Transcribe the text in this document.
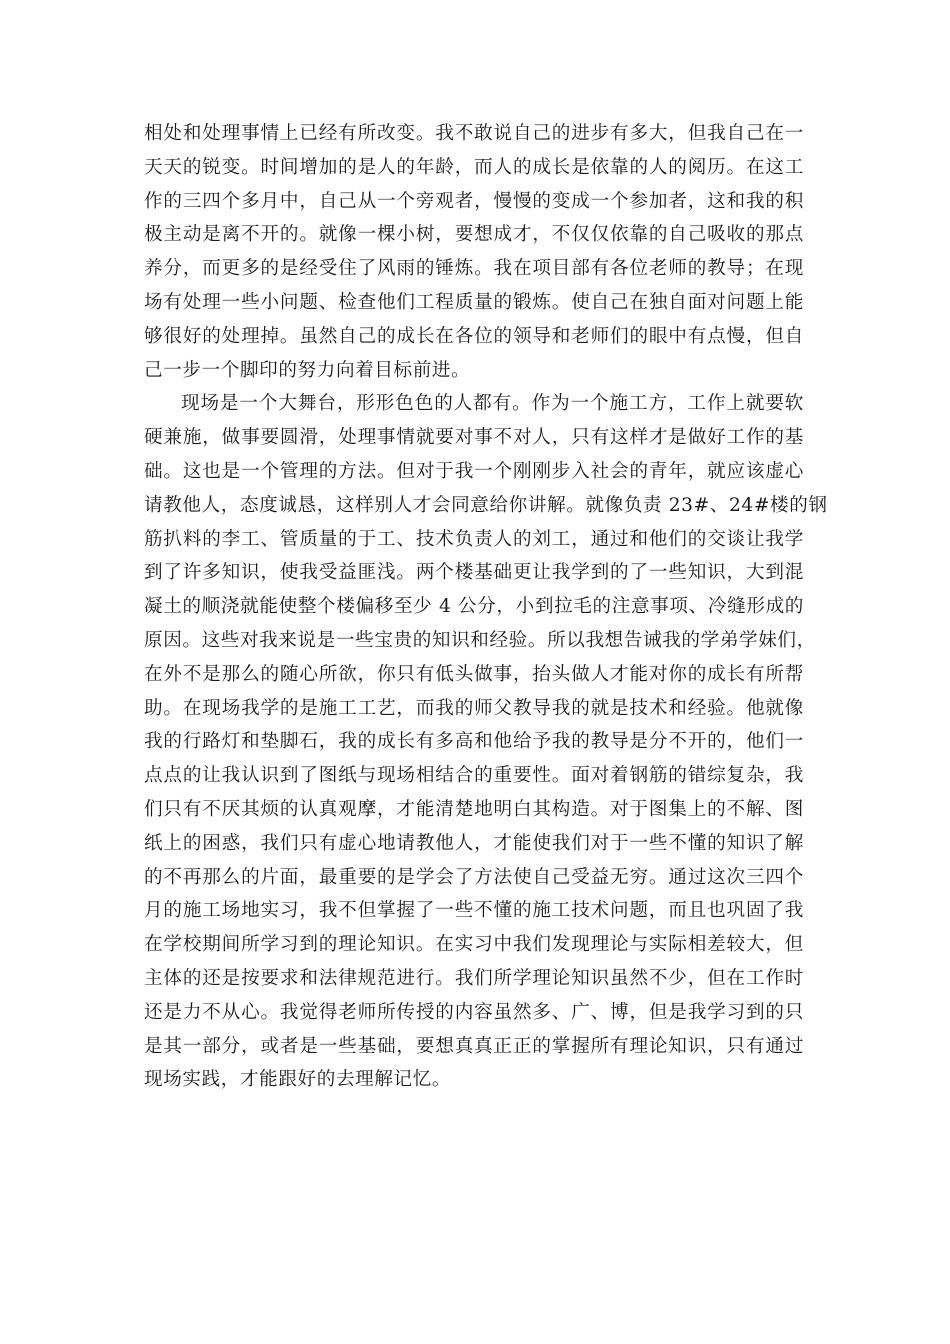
相处和处理事情上已经有所改变。我不敢说自己的进步有多大，但我自己在一
天天的锐变。时间增加的是人的年龄，而人的成长是依靠的人的阅历。在这工
作的三四个多月中，自己从一个旁观者，慢慢的变成一个参加者，这和我的积
极主动是离不开的。就像一棵小树，要想成才，不仅仅依靠的自己吸收的那点
养分，而更多的是经受住了风雨的锤炼。我在项目部有各位老师的教导；在现
场有处理一些小问题、检查他们工程质量的锻炼。使自己在独自面对问题上能
够很好的处理掉。虽然自己的成长在各位的领导和老师们的眼中有点慢，但自
己一步一个脚印的努力向着目标前进。
现场是一个大舞台，形形色色的人都有。作为一个施工方，工作上就要软
硬兼施，做事要圆滑，处理事情就要对事不对人，只有这样才是做好工作的基
础。这也是一个管理的方法。但对于我一个刚刚步入社会的青年，就应该虚心
请教他人，态度诚恳，这样别人才会同意给你讲解。就像负责 23#、24#楼的钢
筋扒料的李工、管质量的于工、技术负责人的刘工，通过和他们的交谈让我学
到了许多知识，使我受益匪浅。两个楼基础更让我学到的了一些知识，大到混
凝土的顺浇就能使整个楼偏移至少 4 公分，小到拉毛的注意事项、冷缝形成的
原因。这些对我来说是一些宝贵的知识和经验。所以我想告诫我的学弟学妹们，
在外不是那么的随心所欲，你只有低头做事，抬头做人才能对你的成长有所帮
助。在现场我学的是施工工艺，而我的师父教导我的就是技术和经验。他就像
我的行路灯和垫脚石，我的成长有多高和他给予我的教导是分不开的，他们一
点点的让我认识到了图纸与现场相结合的重要性。面对着钢筋的错综复杂，我
们只有不厌其烦的认真观摩，才能清楚地明白其构造。对于图集上的不解、图
纸上的困惑，我们只有虚心地请教他人，才能使我们对于一些不懂的知识了解
的不再那么的片面，最重要的是学会了方法使自己受益无穷。通过这次三四个
月的施工场地实习，我不但掌握了一些不懂的施工技术问题，而且也巩固了我
在学校期间所学习到的理论知识。在实习中我们发现理论与实际相差较大，但
主体的还是按要求和法律规范进行。我们所学理论知识虽然不少，但在工作时
还是力不从心。我觉得老师所传授的内容虽然多、广、博，但是我学习到的只
是其一部分，或者是一些基础，要想真真正正的掌握所有理论知识，只有通过
现场实践，才能跟好的去理解记忆。
